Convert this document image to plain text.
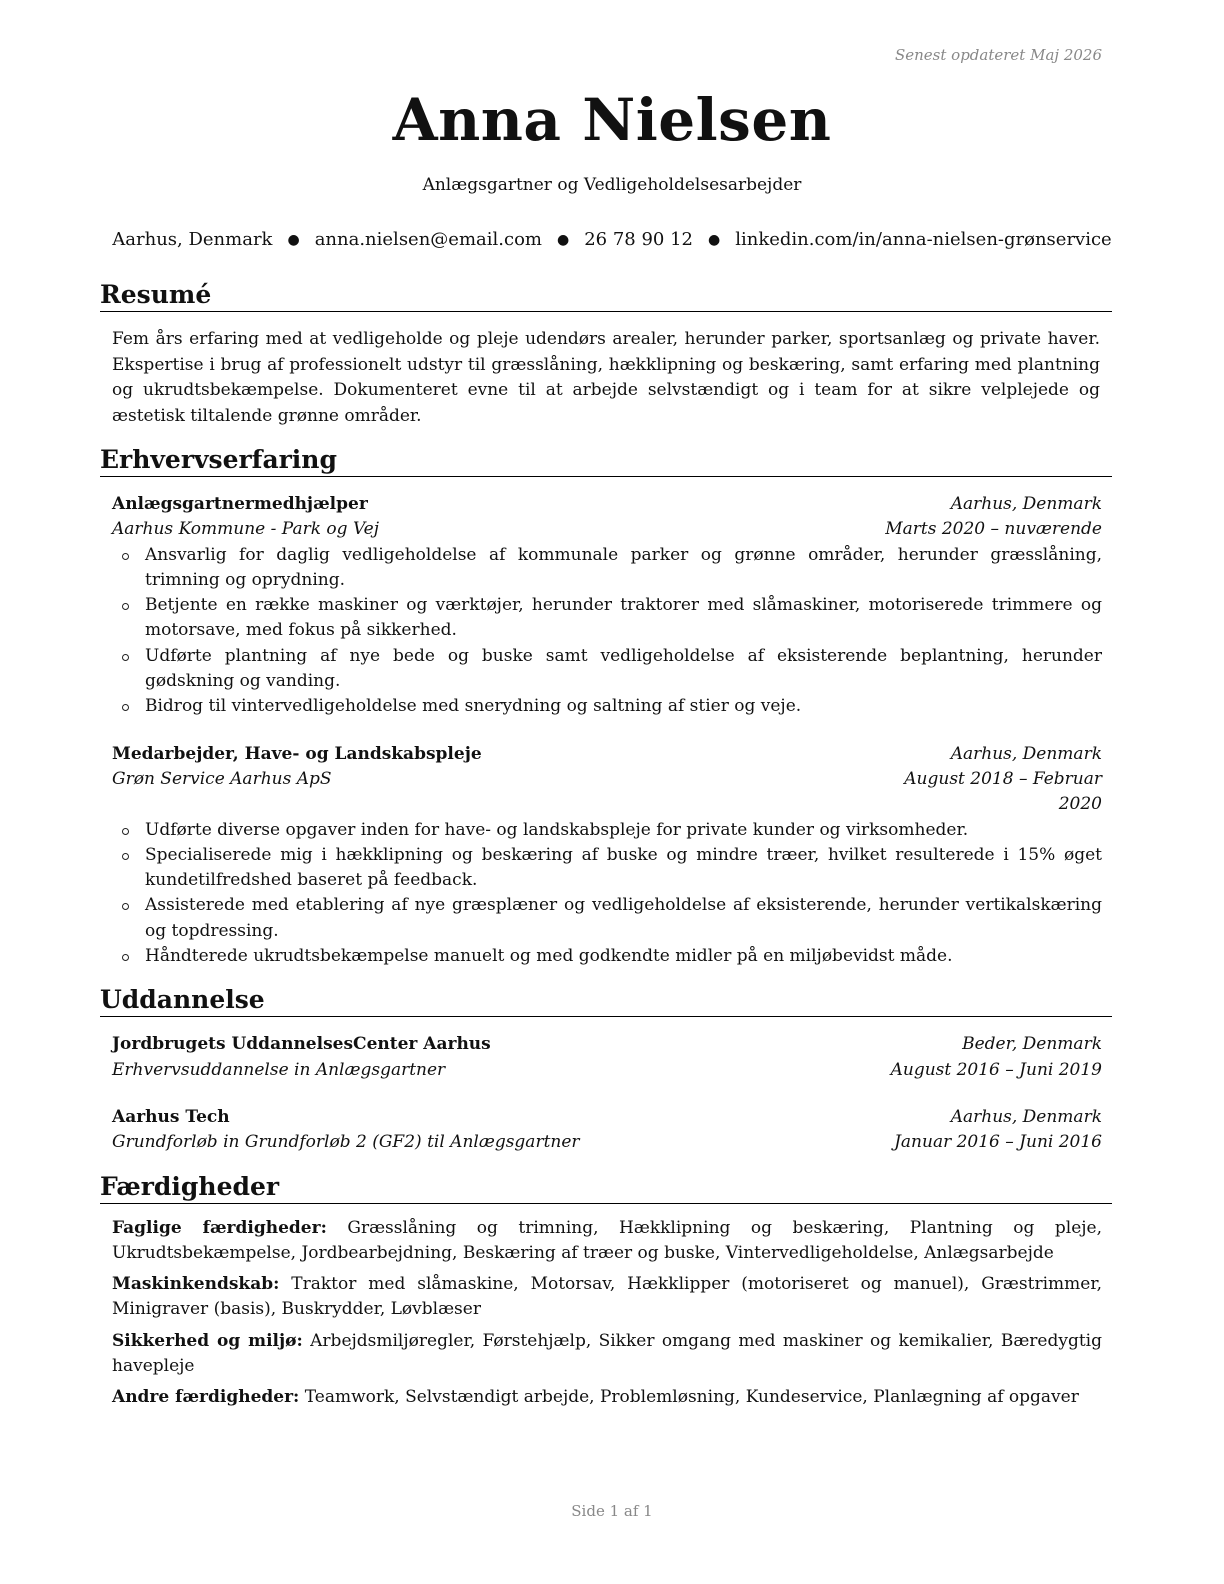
Senest opdateret Maj 2026
Anna Nielsen
Anlægsgartner og Vedligeholdelsesarbejder
Aarhus, Denmark ● anna.nielsen@email.com ● 26 78 90 12 ● linkedin.com/in/anna-nielsen-grønservice
Resumé
Fem års erfaring med at vedligeholde og pleje udendørs arealer, herunder parker, sportsanlæg og private haver. Ekspertise i brug af professionelt udstyr til græsslåning, hækklipning og beskæring, samt erfaring med plantning og ukrudtsbekæmpelse. Dokumenteret evne til at arbejde selvstændigt og i team for at sikre velplejede og æstetisk tiltalende grønne områder.
Erhvervserfaring
Anlægsgartnermedhjælper	Aarhus, Denmark
Aarhus Kommune - Park og Vej	Marts 2020 – nuværende
Ansvarlig for daglig vedligeholdelse af kommunale parker og grønne områder, herunder græsslåning, trimning og oprydning.
Betjente en række maskiner og værktøjer, herunder traktorer med slåmaskiner, motoriserede trimmere og motorsave, med fokus på sikkerhed.
Udførte plantning af nye bede og buske samt vedligeholdelse af eksisterende beplantning, herunder gødskning og vanding.
Bidrog til vintervedligeholdelse med snerydning og saltning af stier og veje.
Medarbejder, Have- og Landskabspleje	Aarhus, Denmark
Grøn Service Aarhus ApS	August 2018 – Februar 2020
Udførte diverse opgaver inden for have- og landskabspleje for private kunder og virksomheder.
Specialiserede mig i hækklipning og beskæring af buske og mindre træer, hvilket resulterede i 15% øget kundetilfredshed baseret på feedback.
Assisterede med etablering af nye græsplæner og vedligeholdelse af eksisterende, herunder vertikalskæring og topdressing.
Håndterede ukrudtsbekæmpelse manuelt og med godkendte midler på en miljøbevidst måde.
Uddannelse
Jordbrugets UddannelsesCenter Aarhus	Beder, Denmark
Erhvervsuddannelse in Anlægsgartner	August 2016 – Juni 2019
Aarhus Tech	Aarhus, Denmark
Grundforløb in Grundforløb 2 (GF2) til Anlægsgartner	Januar 2016 – Juni 2016
Færdigheder
Faglige færdigheder: Græsslåning og trimning, Hækklipning og beskæring, Plantning og pleje, Ukrudtsbekæmpelse, Jordbearbejdning, Beskæring af træer og buske, Vintervedligeholdelse, Anlægsarbejde
Maskinkendskab: Traktor med slåmaskine, Motorsav, Hækklipper (motoriseret og manuel), Græstrimmer, Minigraver (basis), Buskrydder, Løvblæser
Sikkerhed og miljø: Arbejdsmiljøregler, Førstehjælp, Sikker omgang med maskiner og kemikalier, Bæredygtig havepleje
Andre færdigheder: Teamwork, Selvstændigt arbejde, Problemløsning, Kundeservice, Planlægning af opgaver
Side 1 af 1
